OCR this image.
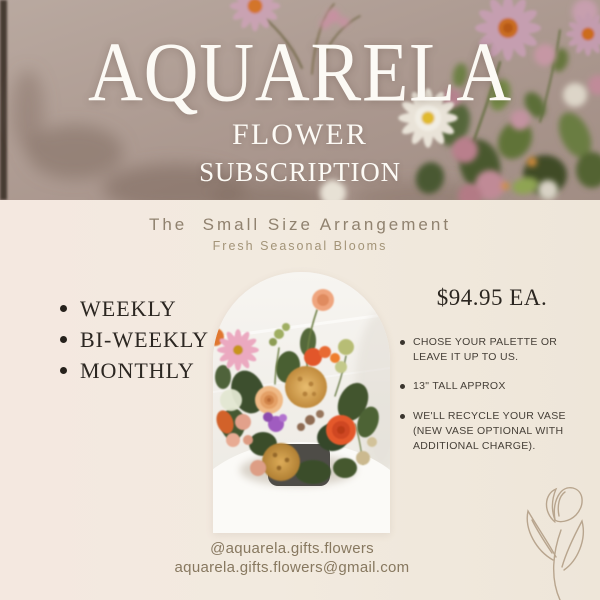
AQUARELA
FLOWER
SUBSCRIPTION
The  Small Size Arrangement
Fresh Seasonal Blooms
WEEKLY
BI-WEEKLY
MONTHLY
$94.95 EA.
CHOSE YOUR PALETTE OR LEAVE IT UP TO US.
13" TALL APPROX
WE'LL RECYCLE YOUR VASE (NEW VASE OPTIONAL WITH ADDITIONAL CHARGE).
@aquarela.gifts.flowers
aquarela.gifts.flowers@gmail.com
